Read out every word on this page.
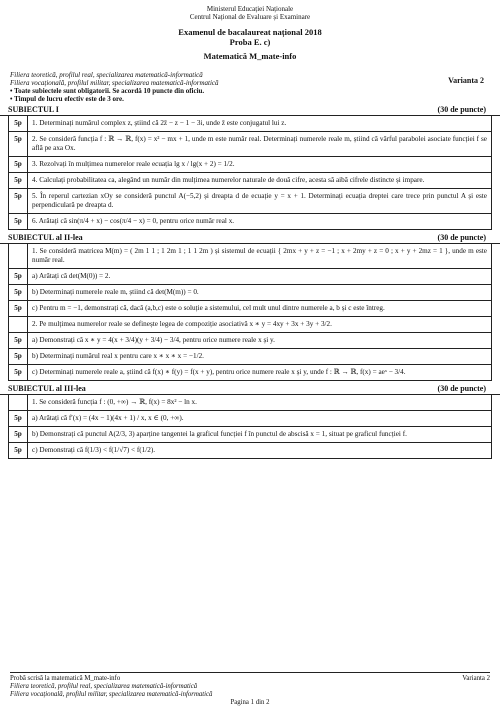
Ministerul Educației Naționale
Centrul Național de Evaluare și Examinare
Examenul de bacalaureat național 2018
Proba E. c)
Matematică M_mate-info
Varianta 2
Filiera teoretică, profilul real, specializarea matematică-informatică
Filiera vocațională, profilul militar, specializarea matematică-informatică
• Toate subiectele sunt obligatorii. Se acordă 10 puncte din oficiu.
• Timpul de lucru efectiv este de 3 ore.
SUBIECTUL I	(30 de puncte)
5p	1. Determinați numărul complex z, știind că 2z̄ − z − 1 − 3i, unde z̄ este conjugatul lui z.
5p	2. Se consideră funcția f : ℝ → ℝ, f(x) = x² − mx + 1, unde m este număr real. Determinați numerele reale m, știind că vârful parabolei asociate funcției f se află pe axa Ox.
5p	3. Rezolvați în mulțimea numerelor reale ecuația lg x / lg(x + 2) = 1/2.
5p	4. Calculați probabilitatea ca, alegând un număr din mulțimea numerelor naturale de două cifre, acesta să aibă cifrele distincte și impare.
5p	5. În reperul cartezian xOy se consideră punctul A(−5,2) și dreapta d de ecuație y = x + 1. Determinați ecuația dreptei care trece prin punctul A și este perpendiculară pe dreapta d.
5p	6. Arătați că sin(π/4 + x) − cos(π/4 − x) = 0, pentru orice număr real x.
SUBIECTUL al II-lea	(30 de puncte)
1. Se consideră matricea M(m) = ( 2m 1 1 ; 1 2m 1 ; 1 1 2m ) și sistemul de ecuații { 2mx + y + z = −1 ; x + 2my + z = 0 ; x + y + 2mz = 1 }, unde m este număr real.
5p	a) Arătați că det(M(0)) = 2.
5p	b) Determinați numerele reale m, știind că det(M(m)) = 0.
5p	c) Pentru m = −1, demonstrați că, dacă (a,b,c) este o soluție a sistemului, cel mult unul dintre numerele a, b și c este întreg.
2. Pe mulțimea numerelor reale se definește legea de compoziție asociativă x ∗ y = 4xy + 3x + 3y + 3/2.
5p	a) Demonstrați că x ∗ y = 4(x + 3/4)(y + 3/4) − 3/4, pentru orice numere reale x și y.
5p	b) Determinați numărul real x pentru care x ∗ x ∗ x = −1/2.
5p	c) Determinați numerele reale a, știind că f(x) ∗ f(y) = f(x + y), pentru orice numere reale x și y, unde f : ℝ → ℝ, f(x) = aeˣ − 3/4.
SUBIECTUL al III-lea	(30 de puncte)
1. Se consideră funcția f : (0, +∞) → ℝ, f(x) = 8x² − ln x.
5p	a) Arătați că f′(x) = (4x − 1)(4x + 1) / x, x ∈ (0, +∞).
5p	b) Demonstrați că punctul A(2/3, 3) aparține tangentei la graficul funcției f în punctul de abscisă x = 1, situat pe graficul funcției f.
5p	c) Demonstrați că f(1/3) < f(1/√7) < f(1/2).
Probă scrisă la matematică M_mate-info	Varianta 2
Filiera teoretică, profilul real, specializarea matematică-informatică
Filiera vocațională, profilul militar, specializarea matematică-informatică
Pagina 1 din 2
